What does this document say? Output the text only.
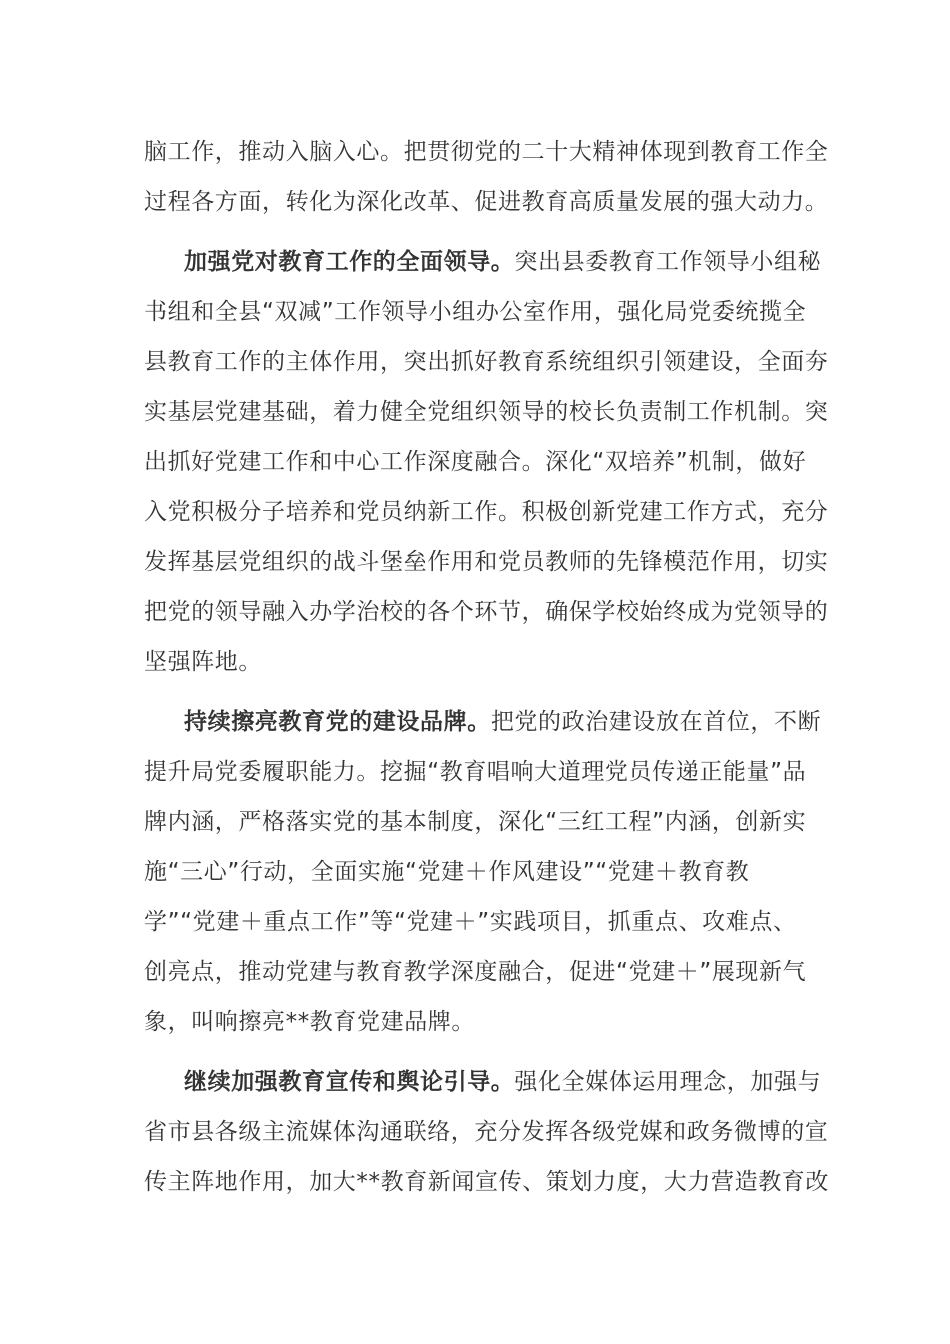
脑工作，推动入脑入心。把贯彻党的二十大精神体现到教育工作全
过程各方面，转化为深化改革、促进教育高质量发展的强大动力。
加强党对教育工作的全面领导。突出县委教育工作领导小组秘
书组和全县“双减”工作领导小组办公室作用，强化局党委统揽全
县教育工作的主体作用，突出抓好教育系统组织引领建设，全面夯
实基层党建基础，着力健全党组织领导的校长负责制工作机制。突
出抓好党建工作和中心工作深度融合。深化“双培养”机制，做好
入党积极分子培养和党员纳新工作。积极创新党建工作方式，充分
发挥基层党组织的战斗堡垒作用和党员教师的先锋模范作用，切实
把党的领导融入办学治校的各个环节，确保学校始终成为党领导的
坚强阵地。
持续擦亮教育党的建设品牌。把党的政治建设放在首位，不断
提升局党委履职能力。挖掘“教育唱响大道理党员传递正能量”品
牌内涵，严格落实党的基本制度，深化“三红工程”内涵，创新实
施“三心”行动，全面实施“党建＋作风建设”“党建＋教育教
学”“党建＋重点工作”等“党建＋”实践项目，抓重点、攻难点、
创亮点，推动党建与教育教学深度融合，促进“党建＋”展现新气
象，叫响擦亮**教育党建品牌。
继续加强教育宣传和舆论引导。强化全媒体运用理念，加强与
省市县各级主流媒体沟通联络，充分发挥各级党媒和政务微博的宣
传主阵地作用，加大**教育新闻宣传、策划力度，大力营造教育改
